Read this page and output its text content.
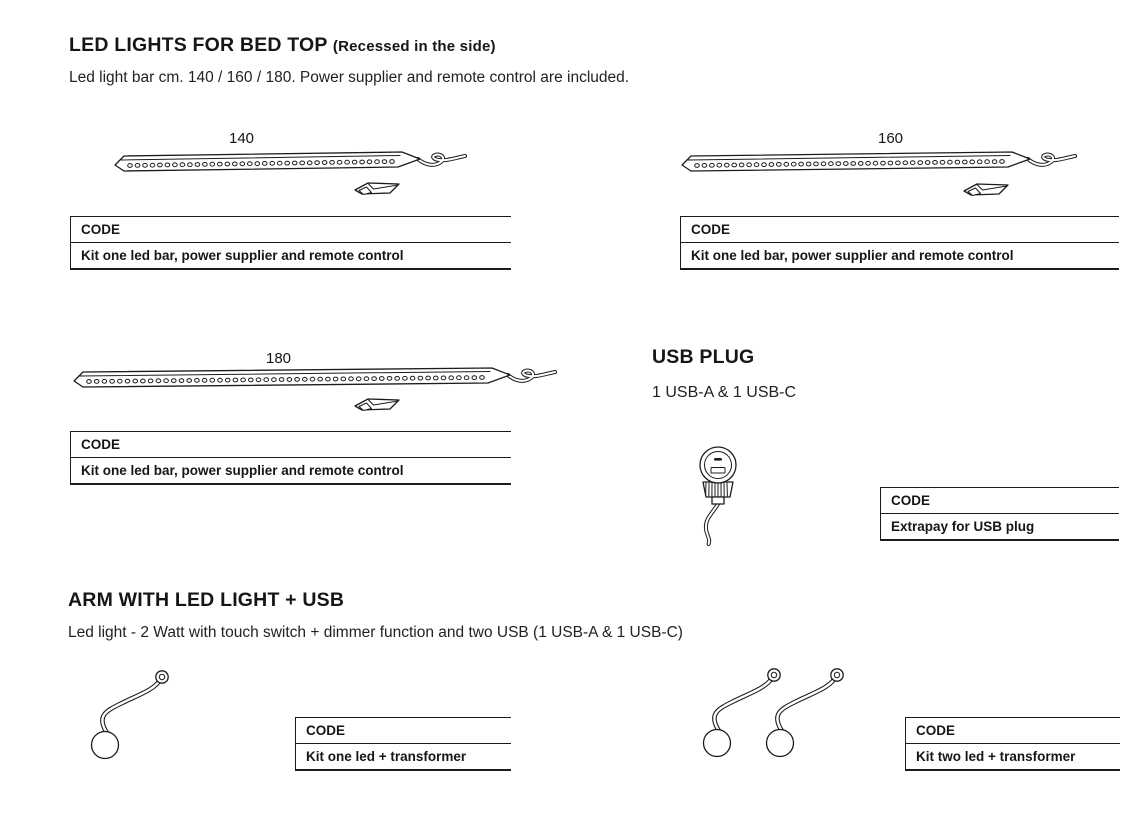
LED LIGHTS FOR BED TOP (Recessed in the side)

Led light bar cm. 140 / 160 / 180. Power supplier and remote control are included.

140
CODE
Kit one led bar, power supplier and remote control
160
CODE
Kit one led bar, power supplier and remote control
180
CODE
Kit one led bar, power supplier and remote control
USB PLUG

1 USB-A & 1 USB-C

CODE
Extrapay for USB plug
ARM WITH LED LIGHT + USB

Led light - 2 Watt with touch switch + dimmer function and two USB (1 USB-A & 1 USB-C)

CODE
Kit one led + transformer
CODE
Kit two led + transformer
